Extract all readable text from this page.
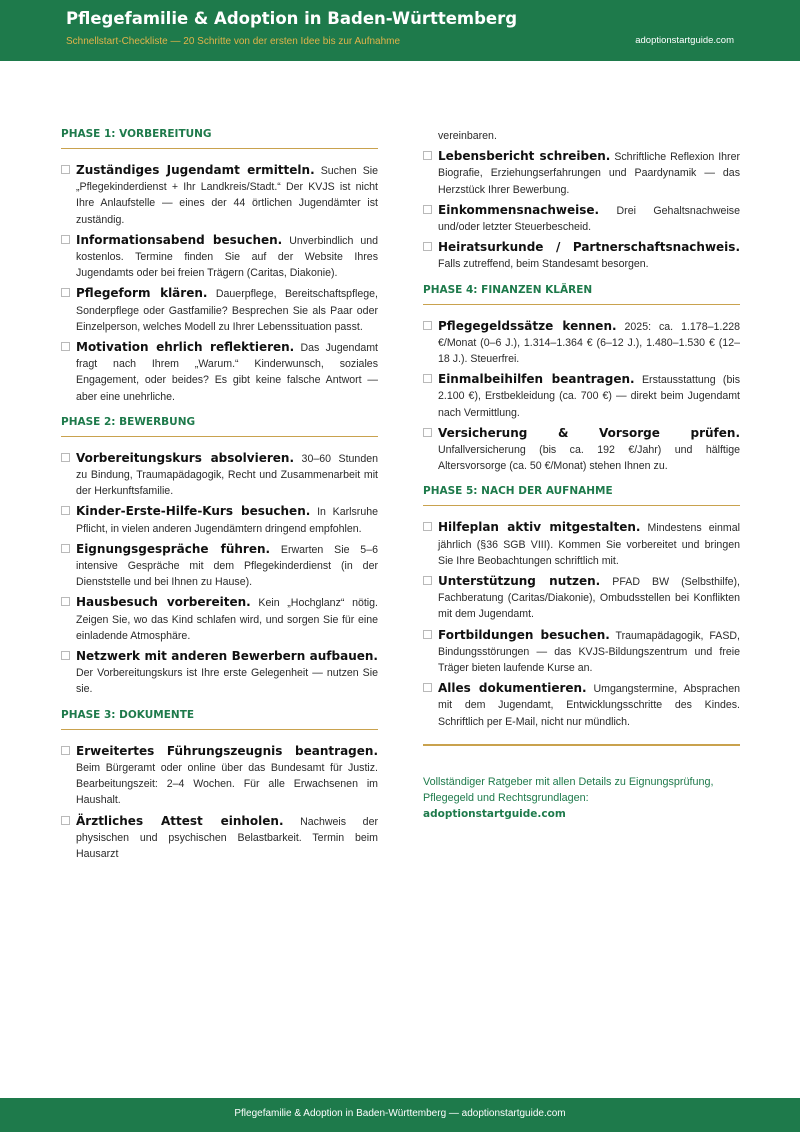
Pflegefamilie & Adoption in Baden-Württemberg
Schnellstart-Checkliste — 20 Schritte von der ersten Idee bis zur Aufnahme	adoptionstartguide.com
PHASE 1: VORBEREITUNG
Zuständiges Jugendamt ermitteln. Suchen Sie „Pflegekinderdienst + Ihr Landkreis/Stadt.“ Der KVJS ist nicht Ihre Anlaufstelle — eines der 44 örtlichen Jugendämter ist zuständig.
Informationsabend besuchen. Unverbindlich und kostenlos. Termine finden Sie auf der Website Ihres Jugendamts oder bei freien Trägern (Caritas, Diakonie).
Pflegeform klären. Dauerpflege, Bereitschaftspflege, Sonderpflege oder Gastfamilie? Besprechen Sie als Paar oder Einzelperson, welches Modell zu Ihrer Lebenssituation passt.
Motivation ehrlich reflektieren. Das Jugendamt fragt nach Ihrem „Warum.“ Kinderwunsch, soziales Engagement, oder beides? Es gibt keine falsche Antwort — aber eine unehrliche.
PHASE 2: BEWERBUNG
Vorbereitungskurs absolvieren. 30–60 Stunden zu Bindung, Traumapädagogik, Recht und Zusammenarbeit mit der Herkunftsfamilie.
Kinder-Erste-Hilfe-Kurs besuchen. In Karlsruhe Pflicht, in vielen anderen Jugendämtern dringend empfohlen.
Eignungsgespräche führen. Erwarten Sie 5–6 intensive Gespräche mit dem Pflegekinderdienst (in der Dienststelle und bei Ihnen zu Hause).
Hausbesuch vorbereiten. Kein „Hochglanz“ nötig. Zeigen Sie, wo das Kind schlafen wird, und sorgen Sie für eine einladende Atmosphäre.
Netzwerk mit anderen Bewerbern aufbauen. Der Vorbereitungskurs ist Ihre erste Gelegenheit — nutzen Sie sie.
PHASE 3: DOKUMENTE
Erweitertes Führungszeugnis beantragen. Beim Bürgeramt oder online über das Bundesamt für Justiz. Bearbeitungszeit: 2–4 Wochen. Für alle Erwachsenen im Haushalt.
Ärztliches Attest einholen. Nachweis der physischen und psychischen Belastbarkeit. Termin beim Hausarzt
vereinbaren.
Lebensbericht schreiben. Schriftliche Reflexion Ihrer Biografie, Erziehungserfahrungen und Paardynamik — das Herzstück Ihrer Bewerbung.
Einkommensnachweise. Drei Gehaltsnachweise und/oder letzter Steuerbescheid.
Heiratsurkunde / Partnerschaftsnachweis. Falls zutreffend, beim Standesamt besorgen.
PHASE 4: FINANZEN KLÄREN
Pflegegeldssätze kennen. 2025: ca. 1.178–1.228 €/Monat (0–6 J.), 1.314–1.364 € (6–12 J.), 1.480–1.530 € (12–18 J.). Steuerfrei.
Einmalbeihilfen beantragen. Erstausstattung (bis 2.100 €), Erstbekleidung (ca. 700 €) — direkt beim Jugendamt nach Vermittlung.
Versicherung & Vorsorge prüfen. Unfallversicherung (bis ca. 192 €/Jahr) und hälftige Altersvorsorge (ca. 50 €/Monat) stehen Ihnen zu.
PHASE 5: NACH DER AUFNAHME
Hilfeplan aktiv mitgestalten. Mindestens einmal jährlich (§36 SGB VIII). Kommen Sie vorbereitet und bringen Sie Ihre Beobachtungen schriftlich mit.
Unterstützung nutzen. PFAD BW (Selbsthilfe), Fachberatung (Caritas/Diakonie), Ombudsstellen bei Konflikten mit dem Jugendamt.
Fortbildungen besuchen. Traumapädagogik, FASD, Bindungsstörungen — das KVJS-Bildungszentrum und freie Träger bieten laufende Kurse an.
Alles dokumentieren. Umgangstermine, Absprachen mit dem Jugendamt, Entwicklungsschritte des Kindes. Schriftlich per E-Mail, nicht nur mündlich.
Vollständiger Ratgeber mit allen Details zu Eignungsprüfung, Pflegegeld und Rechtsgrundlagen:
adoptionstartguide.com
Pflegefamilie & Adoption in Baden-Württemberg — adoptionstartguide.com
